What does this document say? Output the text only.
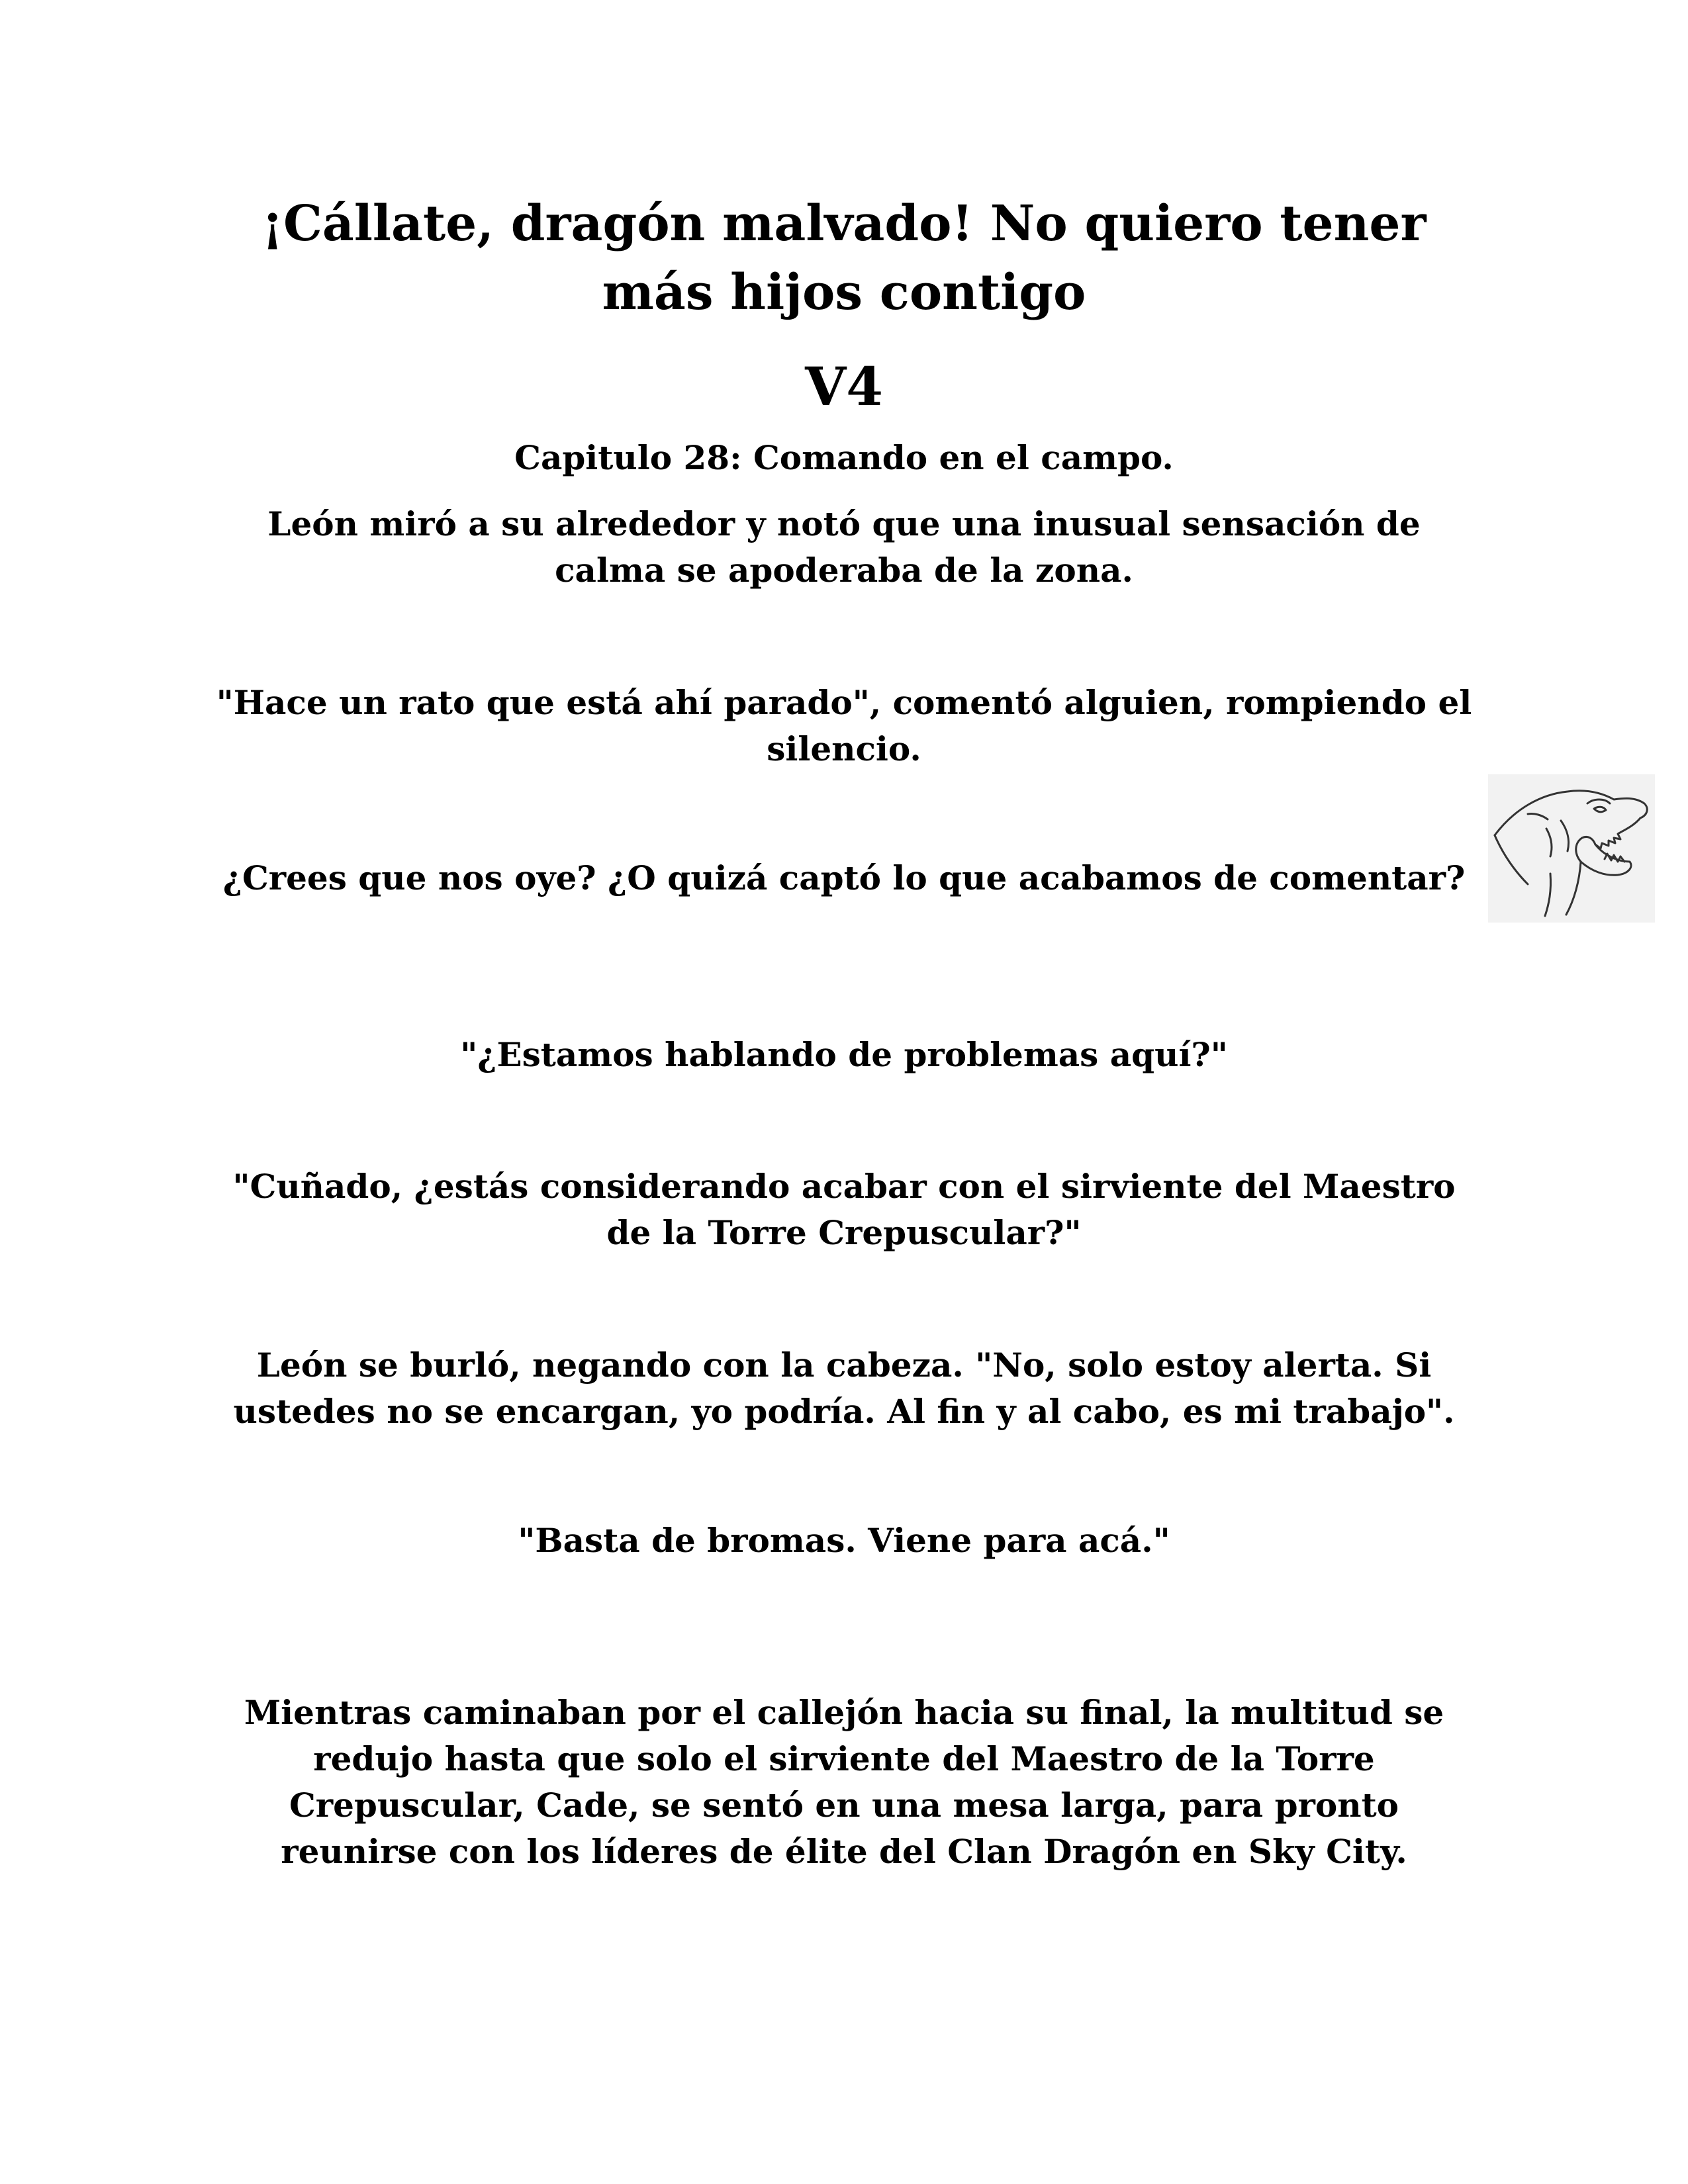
¡Cállate, dragón malvado! No quiero tener más hijos contigo
V4
Capitulo 28: Comando en el campo.

León miró a su alrededor y notó que una inusual sensación de calma se apoderaba de la zona.

"Hace un rato que está ahí parado", comentó alguien, rompiendo el silencio.

¿Crees que nos oye? ¿O quizá captó lo que acabamos de comentar?

"¿Estamos hablando de problemas aquí?"

"Cuñado, ¿estás considerando acabar con el sirviente del Maestro de la Torre Crepuscular?"

León se burló, negando con la cabeza. "No, solo estoy alerta. Si ustedes no se encargan, yo podría. Al fin y al cabo, es mi trabajo".

"Basta de bromas. Viene para acá."

Mientras caminaban por el callejón hacia su final, la multitud se redujo hasta que solo el sirviente del Maestro de la Torre Crepuscular, Cade, se sentó en una mesa larga, para pronto reunirse con los líderes de élite del Clan Dragón en Sky City.
